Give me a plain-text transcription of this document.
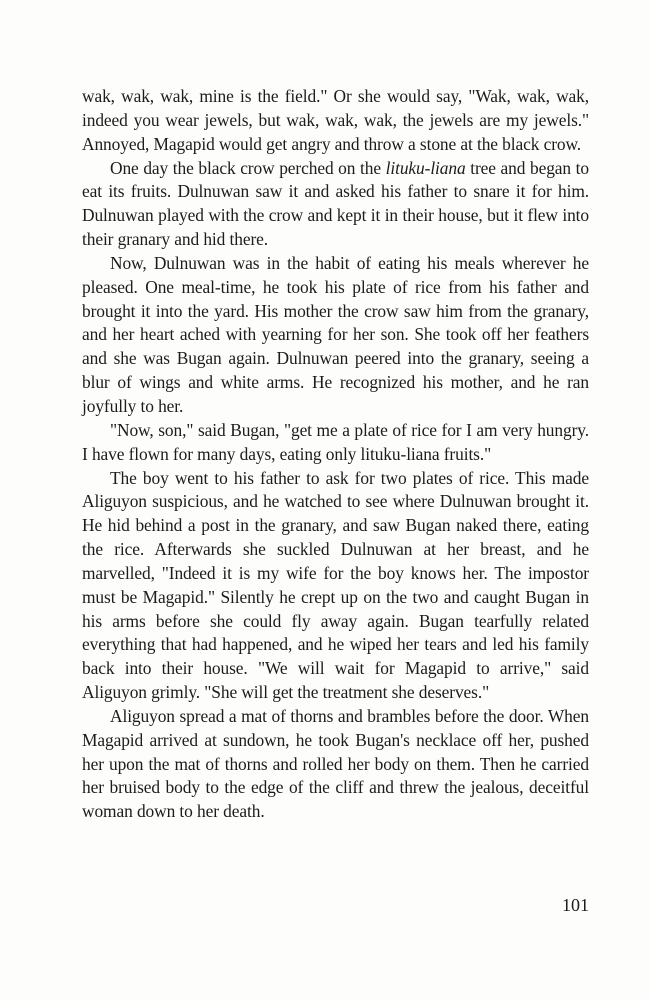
wak, wak, wak, mine is the field." Or she would say, "Wak, wak, wak, indeed you wear jewels, but wak, wak, wak, the jewels are my jewels." Annoyed, Magapid would get angry and throw a stone at the black crow.

One day the black crow perched on the lituku-liana tree and began to eat its fruits. Dulnuwan saw it and asked his father to snare it for him. Dulnuwan played with the crow and kept it in their house, but it flew into their granary and hid there.

Now, Dulnuwan was in the habit of eating his meals wherever he pleased. One meal-time, he took his plate of rice from his father and brought it into the yard. His mother the crow saw him from the granary, and her heart ached with yearning for her son. She took off her feathers and she was Bugan again. Dulnuwan peered into the granary, seeing a blur of wings and white arms. He recognized his mother, and he ran joyfully to her.

"Now, son," said Bugan, "get me a plate of rice for I am very hungry. I have flown for many days, eating only lituku-liana fruits."

The boy went to his father to ask for two plates of rice. This made Aliguyon suspicious, and he watched to see where Dulnuwan brought it. He hid behind a post in the granary, and saw Bugan naked there, eating the rice. Afterwards she suckled Dulnuwan at her breast, and he marvelled, "Indeed it is my wife for the boy knows her. The impostor must be Magapid." Silently he crept up on the two and caught Bugan in his arms before she could fly away again. Bugan tearfully related everything that had happened, and he wiped her tears and led his family back into their house. "We will wait for Magapid to arrive," said Aliguyon grimly. "She will get the treatment she deserves."

Aliguyon spread a mat of thorns and brambles before the door. When Magapid arrived at sundown, he took Bugan's necklace off her, pushed her upon the mat of thorns and rolled her body on them. Then he carried her bruised body to the edge of the cliff and threw the jealous, deceitful woman down to her death.

101
